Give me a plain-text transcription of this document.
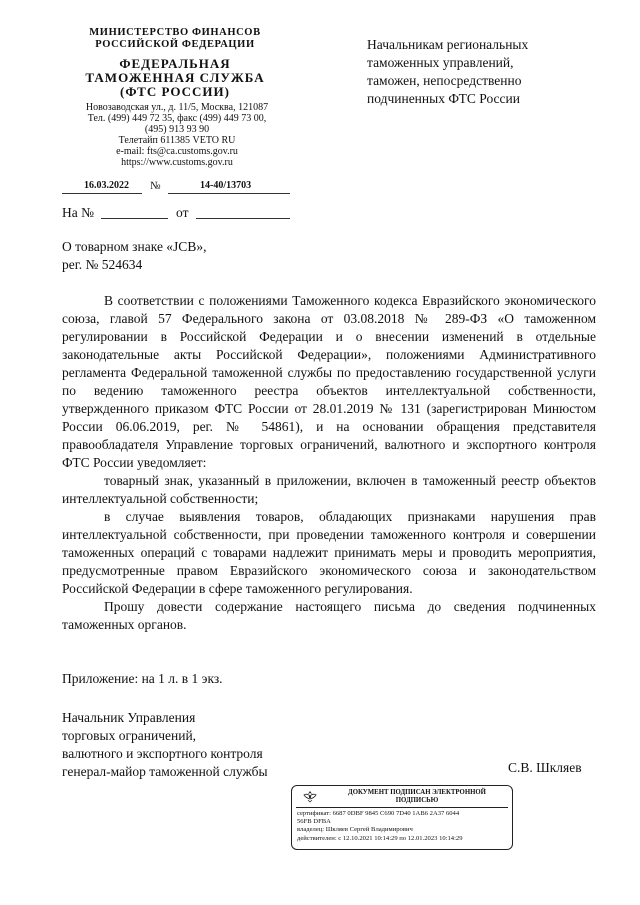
МИНИСТЕРСТВО ФИНАНСОВ
РОССИЙСКОЙ ФЕДЕРАЦИИ
ФЕДЕРАЛЬНАЯ
ТАМОЖЕННАЯ СЛУЖБА
(ФТС РОССИИ)
Новозаводская ул., д. 11/5, Москва, 121087
Тел. (499) 449 72 35, факс (499) 449 73 00,
(495) 913 93 90
Телетайп 611385 VETO RU
e-mail: fts@ca.customs.gov.ru
https://www.customs.gov.ru
Начальникам региональных
таможенных управлений,
таможен, непосредственно
подчиненных ФТС России
16.03.2022 №	14-40/13703
На №	от
О товарном знаке «JCB»,
рег. № 524634

В соответствии с положениями Таможенного кодекса Евразийского экономического союза, главой 57 Федерального закона от 03.08.2018 № 289-ФЗ «О таможенном регулировании в Российской Федерации и о внесении изменений в отдельные законодательные акты Российской Федерации», положениями Административного регламента Федеральной таможенной службы по предоставлению государственной услуги по ведению таможенного реестра объектов интеллектуальной собственности, утвержденного приказом ФТС России от 28.01.2019 № 131 (зарегистрирован Минюстом России 06.06.2019, рег. № 54861), и на основании обращения представителя правообладателя Управление торговых ограничений, валютного и экспортного контроля ФТС России уведомляет:

товарный знак, указанный в приложении, включен в таможенный реестр объектов интеллектуальной собственности;

в случае выявления товаров, обладающих признаками нарушения прав интеллектуальной собственности, при проведении таможенного контроля и совершении таможенных операций с товарами надлежит принимать меры и проводить мероприятия, предусмотренные правом Евразийского экономического союза и законодательством Российской Федерации в сфере таможенного регулирования.

Прошу довести содержание настоящего письма до сведения подчиненных таможенных органов.

Приложение: на 1 л. в 1 экз.
Начальник Управления
торговых ограничений,
валютного и экспортного контроля
генерал-майор таможенной службы	С.В. Шкляев
ДОКУМЕНТ ПОДПИСАН ЭЛЕКТРОННОЙ
ПОДПИСЬЮ
сертификат: 6687 0DBF 9845 C690 7D40 1AB6 2A37 6044
56FB DFBA
владелец: Шкляев Сергей Владимирович
действителен: с 12.10.2021 10:14:29 по 12.01.2023 10:14:29
